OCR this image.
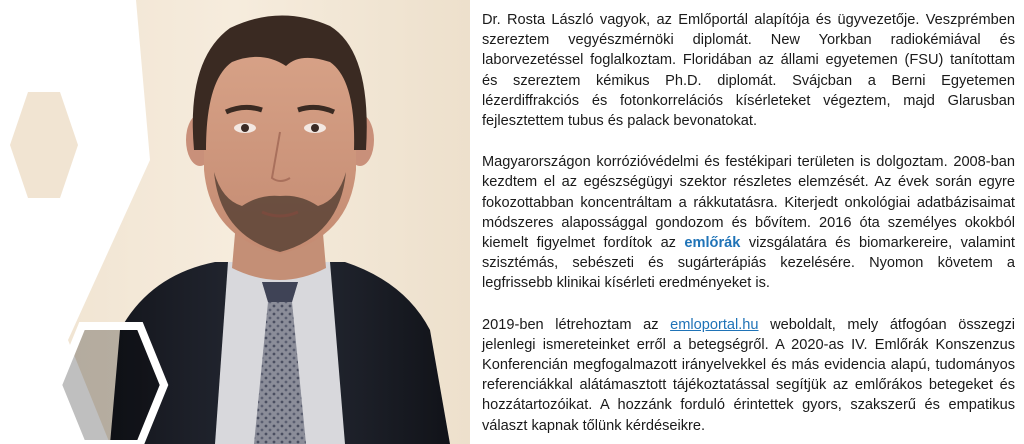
Dr. Rosta László vagyok, az Emlőportál alapítója és ügyvezetője. Veszprémben szereztem vegyészmérnöki diplomát. New Yorkban radiokémiával és laborvezetéssel foglalkoztam. Floridában az állami egyetemen (FSU) tanítottam és szereztem kémikus Ph.D. diplomát. Svájcban a Berni Egyetemen lézerdiffrakciós és fotonkorrelációs kísérleteket végeztem, majd Glarusban fejlesztettem tubus és palack bevonatokat.

Magyarországon korrózióvédelmi és festékipari területen is dolgoztam. 2008-ban kezdtem el az egészségügyi szektor részletes elemzését. Az évek során egyre fokozottabban koncentráltam a rákkutatásra. Kiterjedt onkológiai adatbázisaimat módszeres alapossággal gondozom és bővítem. 2016 óta személyes okokból kiemelt figyelmet fordítok az emlőrák vizsgálatára és biomarkereire, valamint szisztémás, sebészeti és sugárterápiás kezelésére. Nyomon követem a legfrissebb klinikai kísérleti eredményeket is.

2019-ben létrehoztam az emloportal.hu weboldalt, mely átfogóan összegzi jelenlegi ismereteinket erről a betegségről. A 2020-as IV. Emlőrák Konszenzus Konferencián megfogalmazott irányelvekkel és más evidencia alapú, tudományos referenciákkal alátámasztott tájékoztatással segítjük az emlőrákos betegeket és hozzátartozóikat. A hozzánk forduló érintettek gyors, szakszerű és empatikus választ kapnak tőlünk kérdéseikre.
